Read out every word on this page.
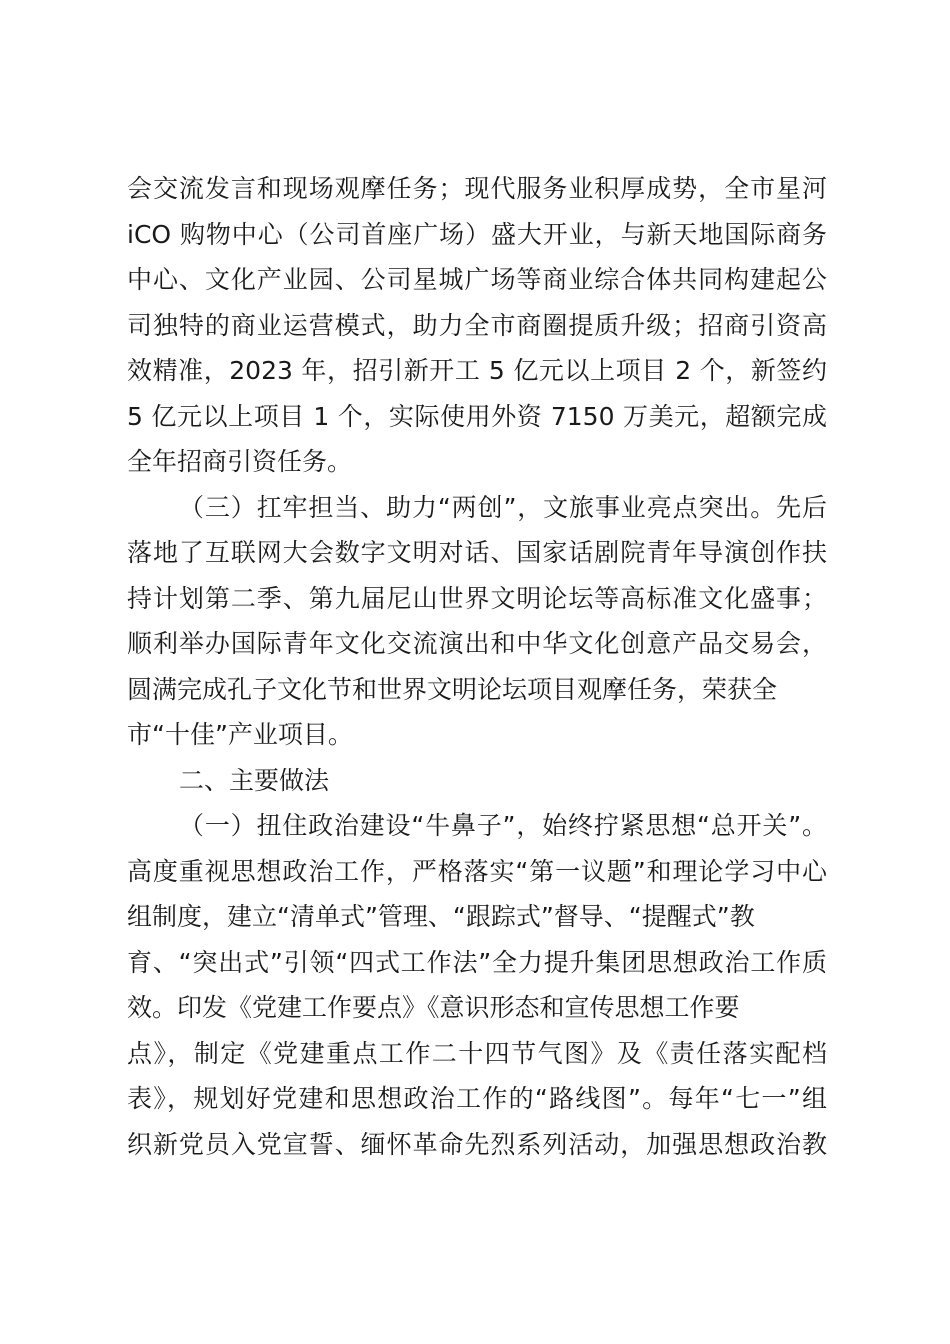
会交流发言和现场观摩任务；现代服务业积厚成势，全市星河
iCO 购物中心（公司首座广场）盛大开业，与新天地国际商务
中心、文化产业园、公司星城广场等商业综合体共同构建起公
司独特的商业运营模式，助力全市商圈提质升级；招商引资高
效精准，2023 年，招引新开工 5 亿元以上项目 2 个，新签约
5 亿元以上项目 1 个，实际使用外资 7150 万美元，超额完成
全年招商引资任务。
（三）扛牢担当、助力“两创”，文旅事业亮点突出。先后
落地了互联网大会数字文明对话、国家话剧院青年导演创作扶
持计划第二季、第九届尼山世界文明论坛等高标准文化盛事；
顺利举办国际青年文化交流演出和中华文化创意产品交易会，
圆满完成孔子文化节和世界文明论坛项目观摩任务，荣获全
市“十佳”产业项目。
二、主要做法
（一）扭住政治建设“牛鼻子”，始终拧紧思想“总开关”。
高度重视思想政治工作，严格落实“第一议题”和理论学习中心
组制度，建立“清单式”管理、“跟踪式”督导、“提醒式”教
育、“突出式”引领“四式工作法”全力提升集团思想政治工作质
效。印发《党建工作要点》《意识形态和宣传思想工作要
点》，制定《党建重点工作二十四节气图》及《责任落实配档
表》，规划好党建和思想政治工作的“路线图”。每年“七一”组
织新党员入党宣誓、缅怀革命先烈系列活动，加强思想政治教
